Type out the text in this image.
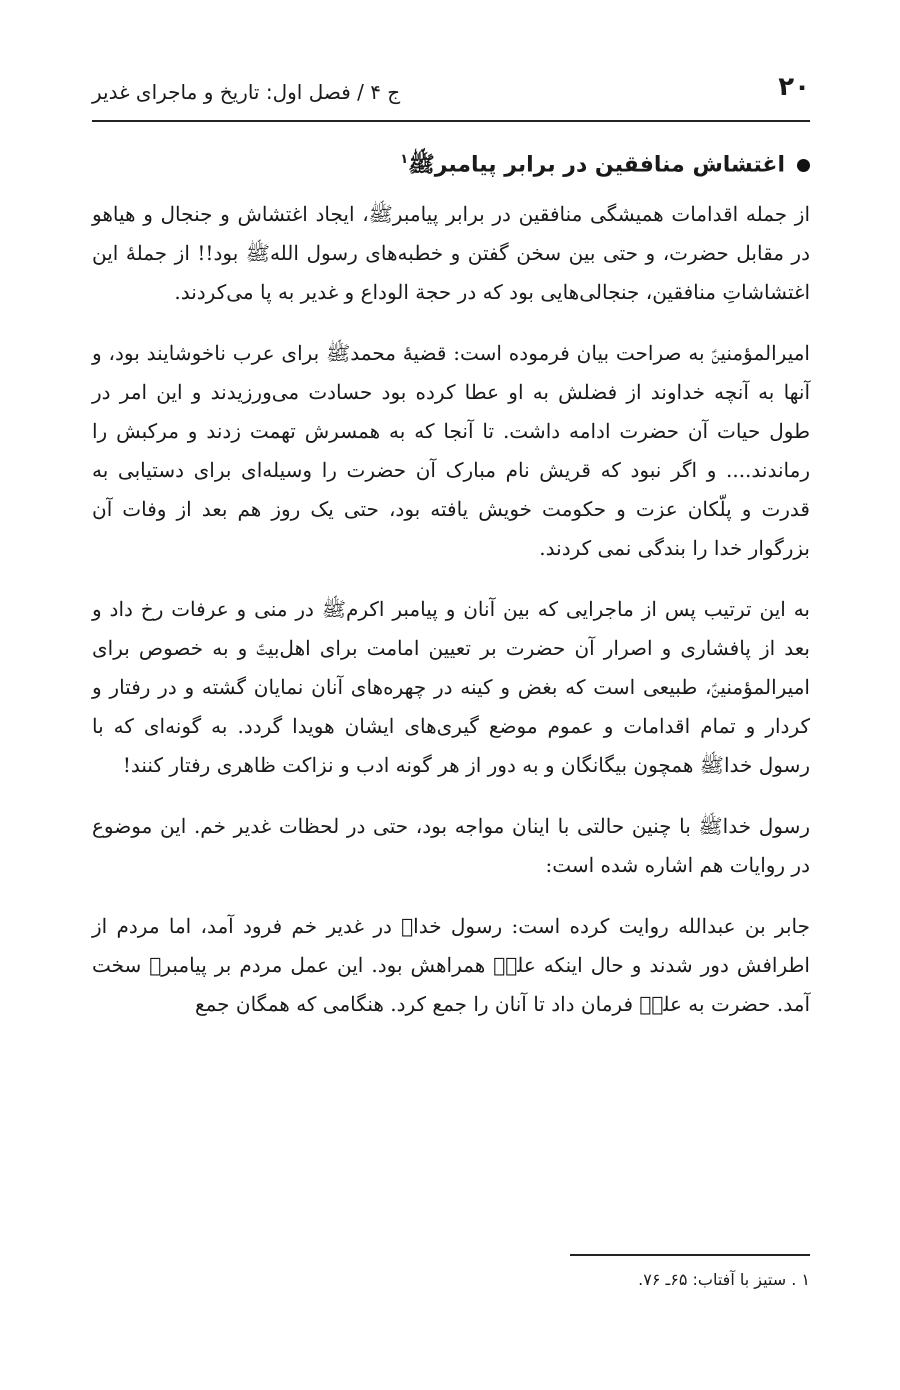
۲۰
ج ۴ / فصل اول: تاریخ و ماجرای غدیر
اغتشاش منافقین در برابر پیامبرﷺ$^۱$

از جمله اقدامات همیشگی منافقین در برابر پیامبرﷺ، ایجاد اغتشاش و جنجال و هیاهو در مقابل حضرت، و حتی بین سخن گفتن و خطبه‌های رسول اللهﷺ بود!! از جملهٔ این اغتشاشاتِ منافقین، جنجالی‌هایی بود که در حجة الوداع و غدیر به پا می‌کردند.

امیرالمؤمنینؑ به صراحت بیان فرموده است: قضیهٔ محمدﷺ برای عرب ناخوشایند بود، و آنها به آنچه خداوند از فضلش به او عطا کرده بود حسادت می‌ورزیدند و این امر در طول حیات آن حضرت ادامه داشت. تا آنجا که به همسرش تهمت زدند و مرکبش را رماندند.... و اگر نبود که قریش نام مبارک آن حضرت را وسیله‌ای برای دستیابی به قدرت و پلّکان عزت و حکومت خویش یافته بود، حتی یک روز هم بعد از وفات آن بزرگوار خدا را بندگی نمی کردند.

به این ترتیب پس از ماجرایی که بین آنان و پیامبر اکرمﷺ در منی و عرفات رخ داد و بعد از پافشاری و اصرار آن حضرت بر تعیین امامت برای اهل‌بیتؑ و به خصوص برای امیرالمؤمنینؑ، طبیعی است که بغض و کینه در چهره‌های آنان نمایان گشته و در رفتار و کردار و تمام اقدامات و عموم موضع گیری‌های ایشان هویدا گردد. به گونه‌ای که با رسول خداﷺ همچون بیگانگان و به دور از هر گونه ادب و نزاکت ظاهری رفتار کنند!

رسول خداﷺ با چنین حالتی با اینان مواجه بود، حتی در لحظات غدیر خم. این موضوع در روایات هم اشاره شده است:

جابر بن عبدالله روایت کرده است: رسول خداﷺ در غدیر خم فرود آمد، اما مردم از اطرافش دور شدند و حال اینکه علیؑ همراهش بود. این عمل مردم بر پیامبرﷺ سخت آمد. حضرت به علیؑ فرمان داد تا آنان را جمع کرد. هنگامی که همگان جمع

۱ . ستیز با آفتاب: ۶۵ـ ۷۶.
